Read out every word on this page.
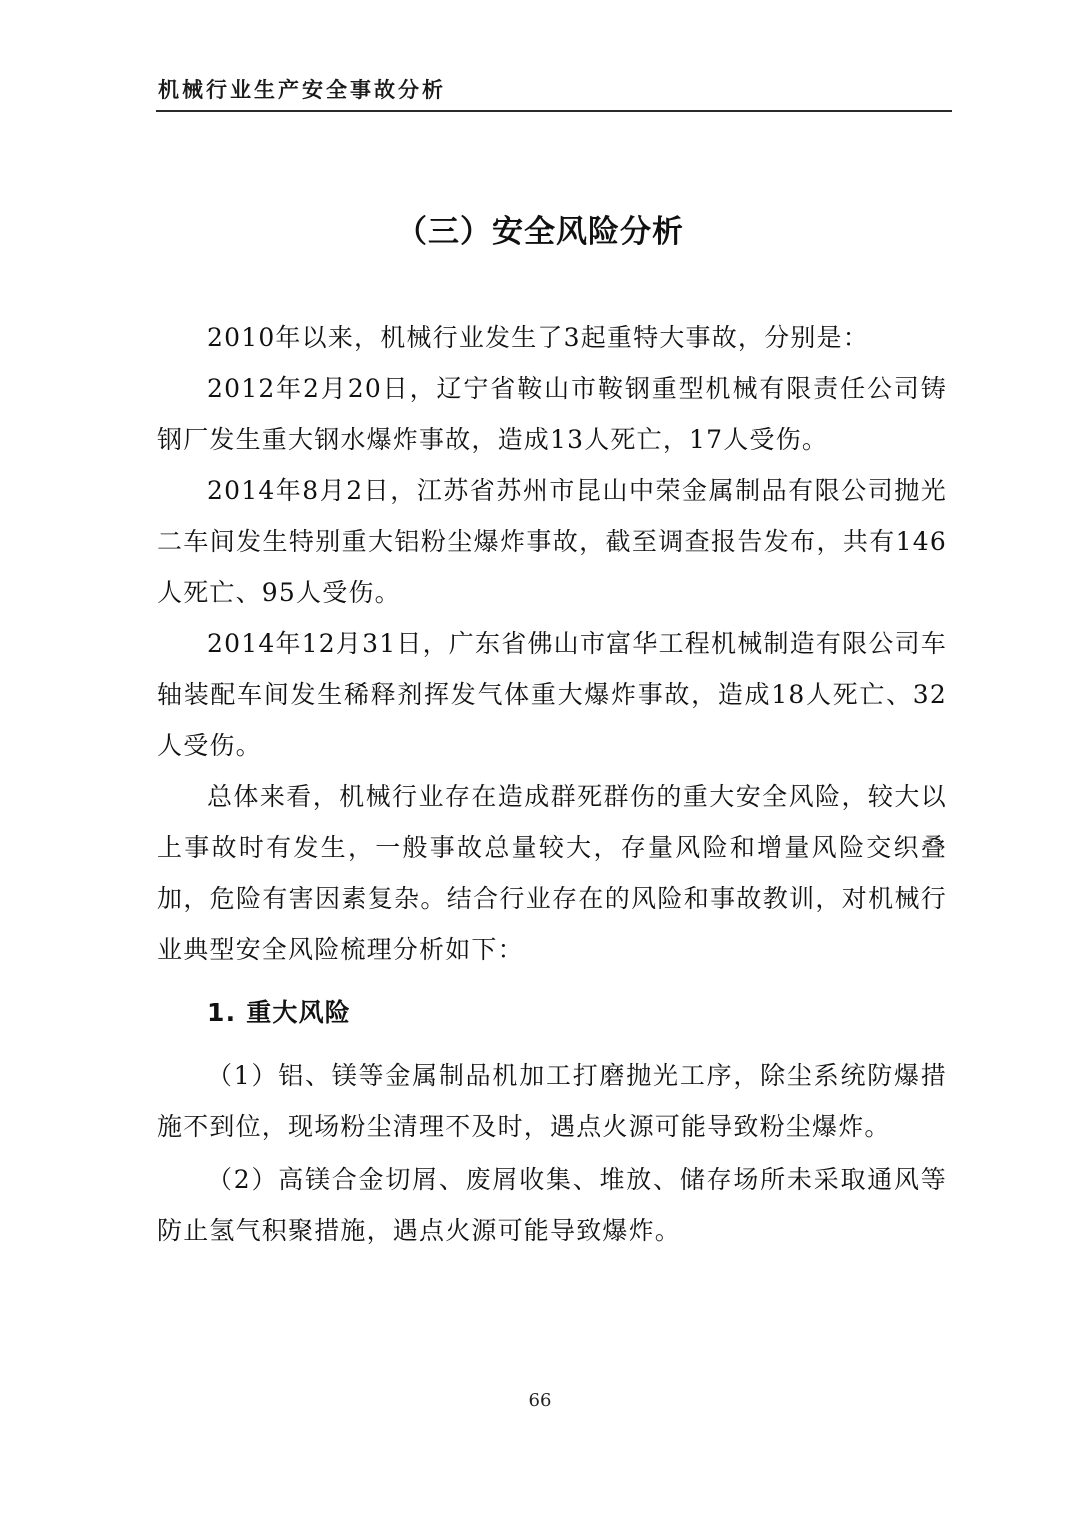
机械行业生产安全事故分析
（三）安全风险分析

2010年以来，机械行业发生了3起重特大事故，分别是：

2012年2月20日，辽宁省鞍山市鞍钢重型机械有限责任公司铸钢厂发生重大钢水爆炸事故，造成13人死亡，17人受伤。

2014年8月2日，江苏省苏州市昆山中荣金属制品有限公司抛光二车间发生特别重大铝粉尘爆炸事故，截至调查报告发布，共有146人死亡、95人受伤。

2014年12月31日，广东省佛山市富华工程机械制造有限公司车轴装配车间发生稀释剂挥发气体重大爆炸事故，造成18人死亡、32人受伤。

总体来看，机械行业存在造成群死群伤的重大安全风险，较大以上事故时有发生，一般事故总量较大，存量风险和增量风险交织叠加，危险有害因素复杂。结合行业存在的风险和事故教训，对机械行业典型安全风险梳理分析如下：

1. 重大风险

（1）铝、镁等金属制品机加工打磨抛光工序，除尘系统防爆措施不到位，现场粉尘清理不及时，遇点火源可能导致粉尘爆炸。

（2）高镁合金切屑、废屑收集、堆放、储存场所未采取通风等防止氢气积聚措施，遇点火源可能导致爆炸。

66
